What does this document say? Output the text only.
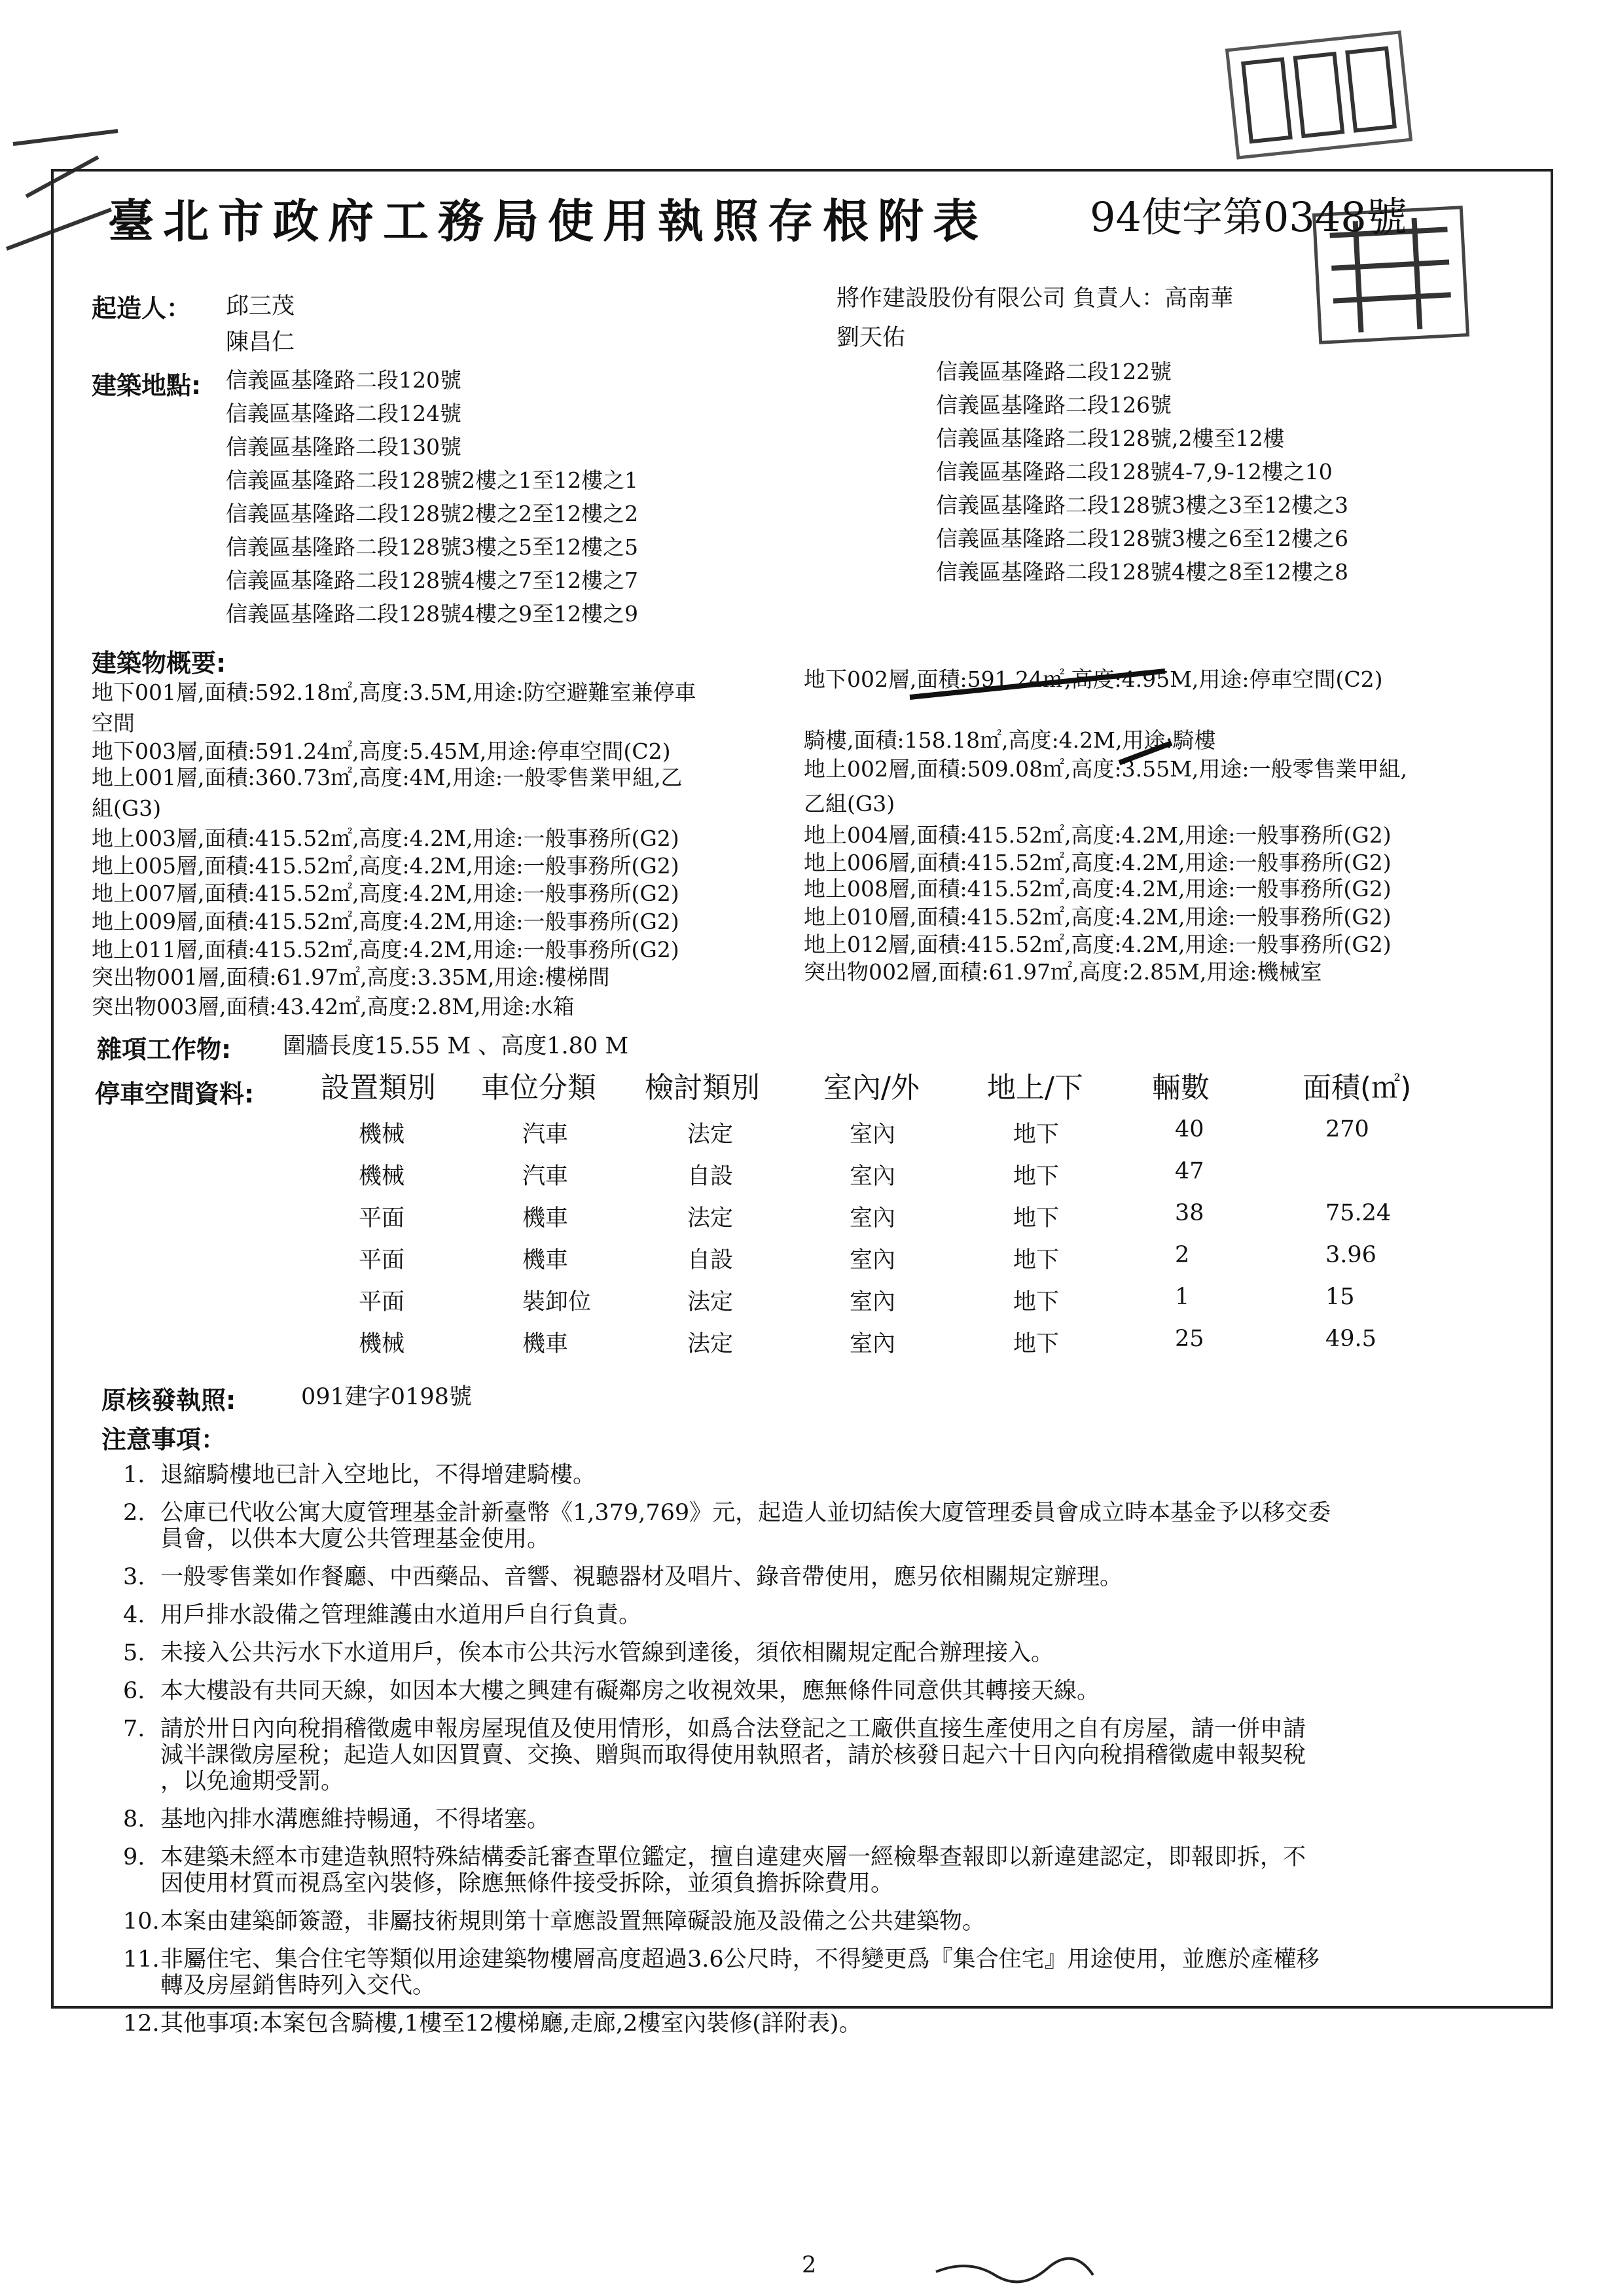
臺北市政府工務局使用執照存根附表	94使字第0348號
起造人： 邱三茂
陳昌仁
將作建設股份有限公司 負責人：高南華
劉天佑
建築地點: 信義區基隆路二段120號
信義區基隆路二段124號
信義區基隆路二段130號
信義區基隆路二段128號2樓之1至12樓之1
信義區基隆路二段128號2樓之2至12樓之2
信義區基隆路二段128號3樓之5至12樓之5
信義區基隆路二段128號4樓之7至12樓之7
信義區基隆路二段128號4樓之9至12樓之9
信義區基隆路二段122號
信義區基隆路二段126號
信義區基隆路二段128號,2樓至12樓
信義區基隆路二段128號4-7,9-12樓之10
信義區基隆路二段128號3樓之3至12樓之3
信義區基隆路二段128號3樓之6至12樓之6
信義區基隆路二段128號4樓之8至12樓之8
建築物概要:
地下001層,面積:592.18㎡,高度:3.5M,用途:防空避難室兼停車
空間
地下003層,面積:591.24㎡,高度:5.45M,用途:停車空間(C2)
地上001層,面積:360.73㎡,高度:4M,用途:一般零售業甲組,乙
組(G3)
地上003層,面積:415.52㎡,高度:4.2M,用途:一般事務所(G2)
地上005層,面積:415.52㎡,高度:4.2M,用途:一般事務所(G2)
地上007層,面積:415.52㎡,高度:4.2M,用途:一般事務所(G2)
地上009層,面積:415.52㎡,高度:4.2M,用途:一般事務所(G2)
地上011層,面積:415.52㎡,高度:4.2M,用途:一般事務所(G2)
突出物001層,面積:61.97㎡,高度:3.35M,用途:樓梯間
突出物003層,面積:43.42㎡,高度:2.8M,用途:水箱
地下002層,面積:591.24㎡,高度:4.95M,用途:停車空間(C2)
騎樓,面積:158.18㎡,高度:4.2M,用途:騎樓
地上002層,面積:509.08㎡,高度:3.55M,用途:一般零售業甲組,
乙組(G3)
地上004層,面積:415.52㎡,高度:4.2M,用途:一般事務所(G2)
地上006層,面積:415.52㎡,高度:4.2M,用途:一般事務所(G2)
地上008層,面積:415.52㎡,高度:4.2M,用途:一般事務所(G2)
地上010層,面積:415.52㎡,高度:4.2M,用途:一般事務所(G2)
地上012層,面積:415.52㎡,高度:4.2M,用途:一般事務所(G2)
突出物002層,面積:61.97㎡,高度:2.85M,用途:機械室
雜項工作物: 圍牆長度15.55 M 、高度1.80 M
停車空間資料: 設置類別 車位分類 檢討類別 室內/外 地上/下 輛數	面積(㎡)
機械	汽車	法定	室內	地下	40	270
機械	汽車	自設	室內	地下	47
平面	機車	法定	室內	地下	38	75.24
平面	機車	自設	室內	地下	2	3.96
平面	裝卸位	法定	室內	地下	1	15
機械	機車	法定	室內	地下	25	49.5
原核發執照:	091建字0198號
注意事項：
1. 退縮騎樓地已計入空地比，不得增建騎樓。
2. 公庫已代收公寓大廈管理基金計新臺幣《1,379,769》元，起造人並切結俟大廈管理委員會成立時本基金予以移交委
員會，以供本大廈公共管理基金使用。
3. 一般零售業如作餐廳、中西藥品、音響、視聽器材及唱片、錄音帶使用，應另依相關規定辦理。
4. 用戶排水設備之管理維護由水道用戶自行負責。
5. 未接入公共污水下水道用戶，俟本市公共污水管線到達後，須依相關規定配合辦理接入。
6. 本大樓設有共同天線，如因本大樓之興建有礙鄰房之收視效果，應無條件同意供其轉接天線。
7. 請於卅日內向稅捐稽徵處申報房屋現值及使用情形，如爲合法登記之工廠供直接生產使用之自有房屋，請一併申請
減半課徵房屋稅；起造人如因買賣、交換、贈與而取得使用執照者，請於核發日起六十日內向稅捐稽徵處申報契稅
，以免逾期受罰。
8. 基地內排水溝應維持暢通，不得堵塞。
9. 本建築未經本市建造執照特殊結構委託審查單位鑑定，擅自違建夾層一經檢舉查報即以新違建認定，即報即拆，不
因使用材質而視爲室內裝修，除應無條件接受拆除，並須負擔拆除費用。
10. 本案由建築師簽證，非屬技術規則第十章應設置無障礙設施及設備之公共建築物。
11. 非屬住宅、集合住宅等類似用途建築物樓層高度超過3.6公尺時，不得變更爲『集合住宅』用途使用，並應於產權移
轉及房屋銷售時列入交代。
12. 其他事項:本案包含騎樓,1樓至12樓梯廳,走廊,2樓室內裝修(詳附表)。
2
